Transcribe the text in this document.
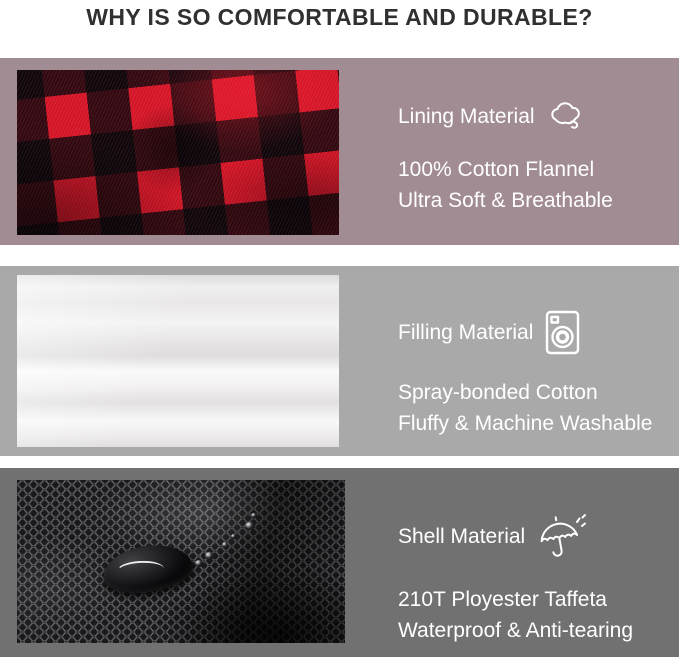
WHY IS SO COMFORTABLE AND DURABLE?
Lining Material
100% Cotton Flannel
Ultra Soft & Breathable
Filling Material
Spray-bonded Cotton
Fluffy & Machine Washable
Shell Material
210T Ployester Taffeta
Waterproof & Anti-tearing
